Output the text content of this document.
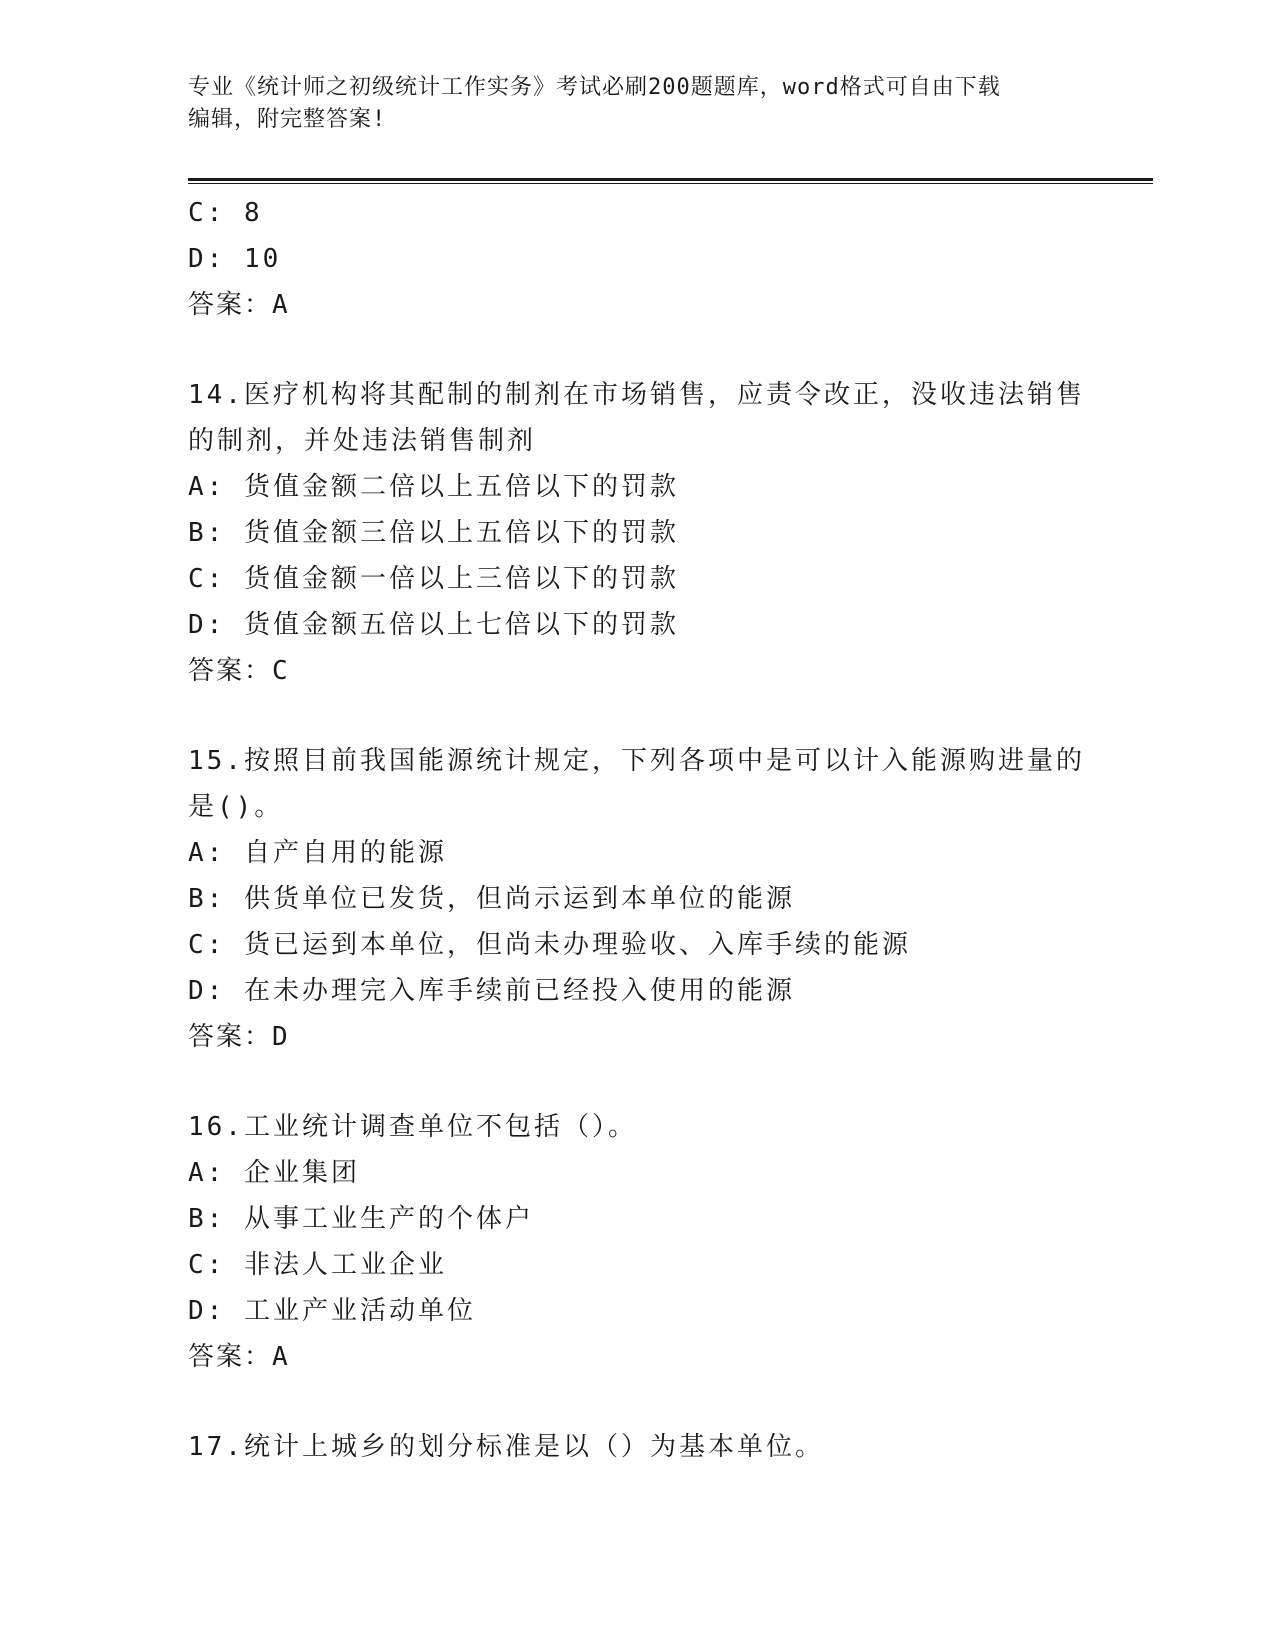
专业《统计师之初级统计工作实务》考试必刷200题题库，word格式可自由下载
编辑，附完整答案!
C: 8
D: 10
答案：A
14.医疗机构将其配制的制剂在市场销售，应责令改正，没收违法销售
的制剂，并处违法销售制剂
A: 货值金额二倍以上五倍以下的罚款
B: 货值金额三倍以上五倍以下的罚款
C: 货值金额一倍以上三倍以下的罚款
D: 货值金额五倍以上七倍以下的罚款
答案：C
15.按照目前我国能源统计规定，下列各项中是可以计入能源购进量的
是()。
A: 自产自用的能源
B: 供货单位已发货，但尚示运到本单位的能源
C: 货已运到本单位，但尚未办理验收、入库手续的能源
D: 在未办理完入库手续前已经投入使用的能源
答案：D
16.工业统计调查单位不包括（）。
A: 企业集团
B: 从事工业生产的个体户
C: 非法人工业企业
D: 工业产业活动单位
答案：A
17.统计上城乡的划分标准是以（）为基本单位。
